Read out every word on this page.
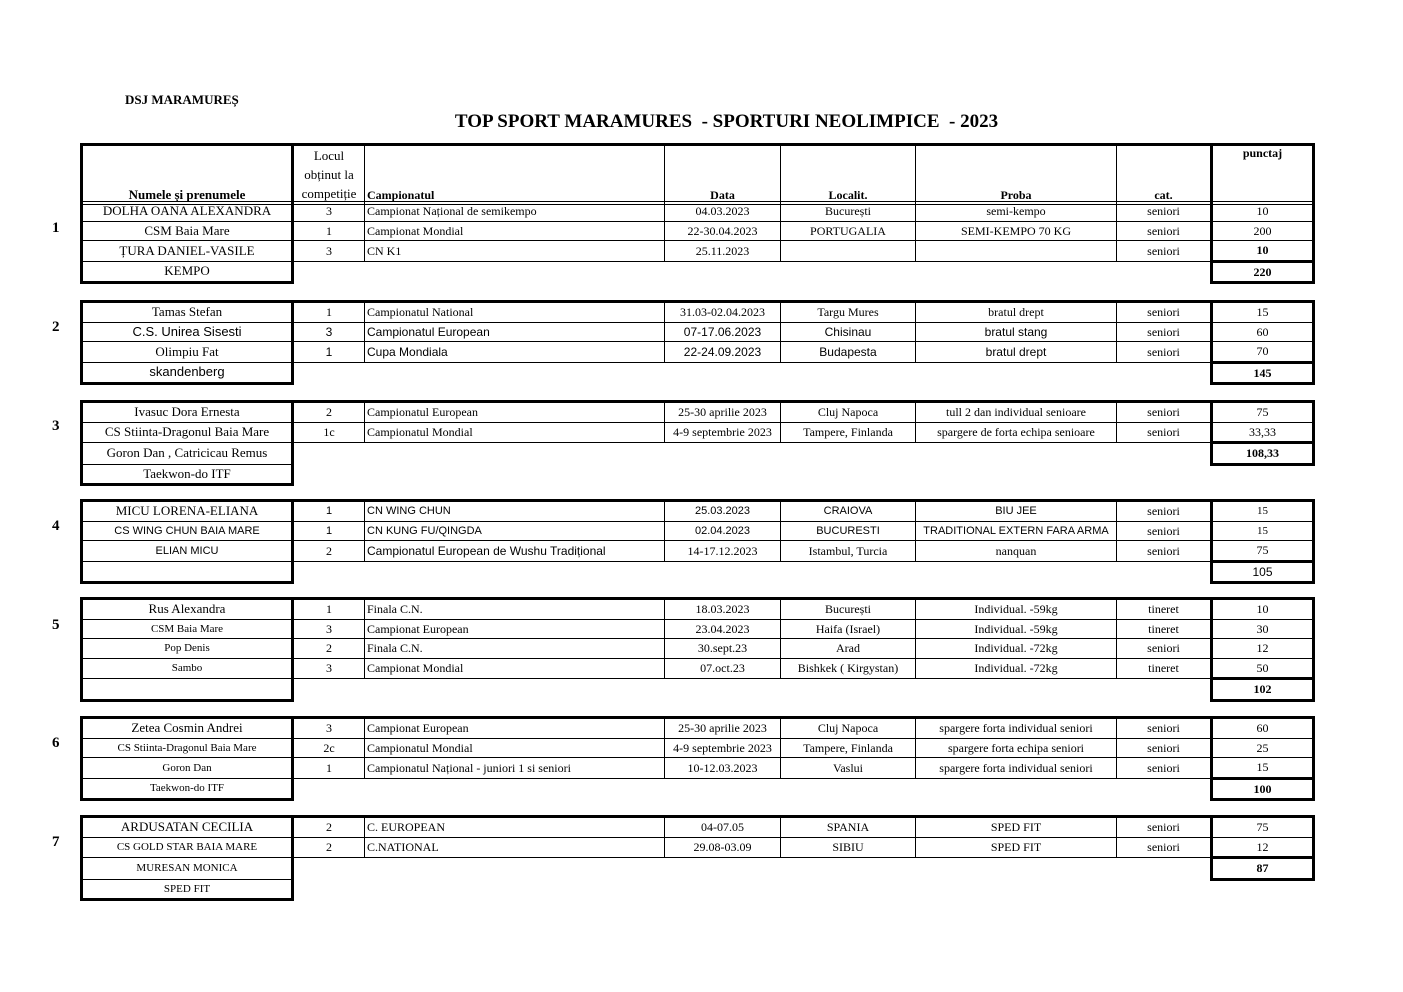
DSJ MARAMUREȘ
TOP SPORT MARAMURES  - SPORTURI NEOLIMPICE  - 2023
Numele și prenumele	
Locul
obținut la
competiție	Campionatul	Data	Localit.	Proba	cat.	punctaj
DOLHA OANA ALEXANDRA	3	Campionat Național de semikempo	04.03.2023	București	semi-kempo	seniori	10
CSM Baia Mare	1	Campionat Mondial	22-30.04.2023	PORTUGALIA	SEMI-KEMPO 70 KG	seniori	200
ȚURA DANIEL-VASILE	3	CN K1	25.11.2023			seniori	10
KEMPO							220
1
Tamas Stefan	1	Campionatul National	31.03-02.04.2023	Targu Mures	bratul drept	seniori	15
C.S. Unirea Sisesti	3	Campionatul European	07-17.06.2023	Chisinau	bratul stang	seniori	60
Olimpiu Fat	1	Cupa Mondiala	22-24.09.2023	Budapesta	bratul drept	seniori	70
skandenberg							145
2
Ivasuc Dora Ernesta	2	Campionatul European	25-30 aprilie 2023	Cluj Napoca	tull 2 dan individual senioare	seniori	75
CS Stiinta-Dragonul Baia Mare	1c	Campionatul Mondial	4-9 septembrie 2023	Tampere, Finlanda	spargere de forta echipa senioare	seniori	33,33
Goron Dan , Catricicau Remus							108,33
Taekwon-do ITF							
3
MICU LORENA-ELIANA	1	CN WING CHUN	25.03.2023	CRAIOVA	BIU JEE	seniori	15
CS WING CHUN BAIA MARE	1	CN KUNG FU/QINGDA	02.04.2023	BUCURESTI	TRADITIONAL EXTERN FARA ARMA	seniori	15
ELIAN MICU	2	Campionatul European de Wushu Tradițional	14-17.12.2023	Istambul, Turcia	nanquan	seniori	75
							105
4
Rus Alexandra	1	Finala C.N.	18.03.2023	București	Individual. -59kg	tineret	10
CSM Baia Mare	3	Campionat European	23.04.2023	Haifa (Israel)	Individual. -59kg	tineret	30
Pop Denis	2	Finala C.N.	30.sept.23	Arad	Individual. -72kg	seniori	12
Sambo	3	Campionat Mondial	07.oct.23	Bishkek ( Kirgystan)	Individual. -72kg	tineret	50
							102
5
Zetea Cosmin Andrei	3	Campionat European	25-30 aprilie 2023	Cluj Napoca	spargere forta individual seniori	seniori	60
CS Stiinta-Dragonul Baia Mare	2c	Campionatul Mondial	4-9 septembrie 2023	Tampere, Finlanda	spargere forta echipa seniori	seniori	25
Goron Dan	1	Campionatul Național - juniori 1 si seniori	10-12.03.2023	Vaslui	spargere forta individual seniori	seniori	15
Taekwon-do ITF							100
6
ARDUSATAN CECILIA	2	C. EUROPEAN	04-07.05	SPANIA	SPED FIT	seniori	75
CS GOLD STAR BAIA MARE	2	C.NATIONAL	29.08-03.09	SIBIU	SPED FIT	seniori	12
MURESAN MONICA							87
SPED FIT							
7
